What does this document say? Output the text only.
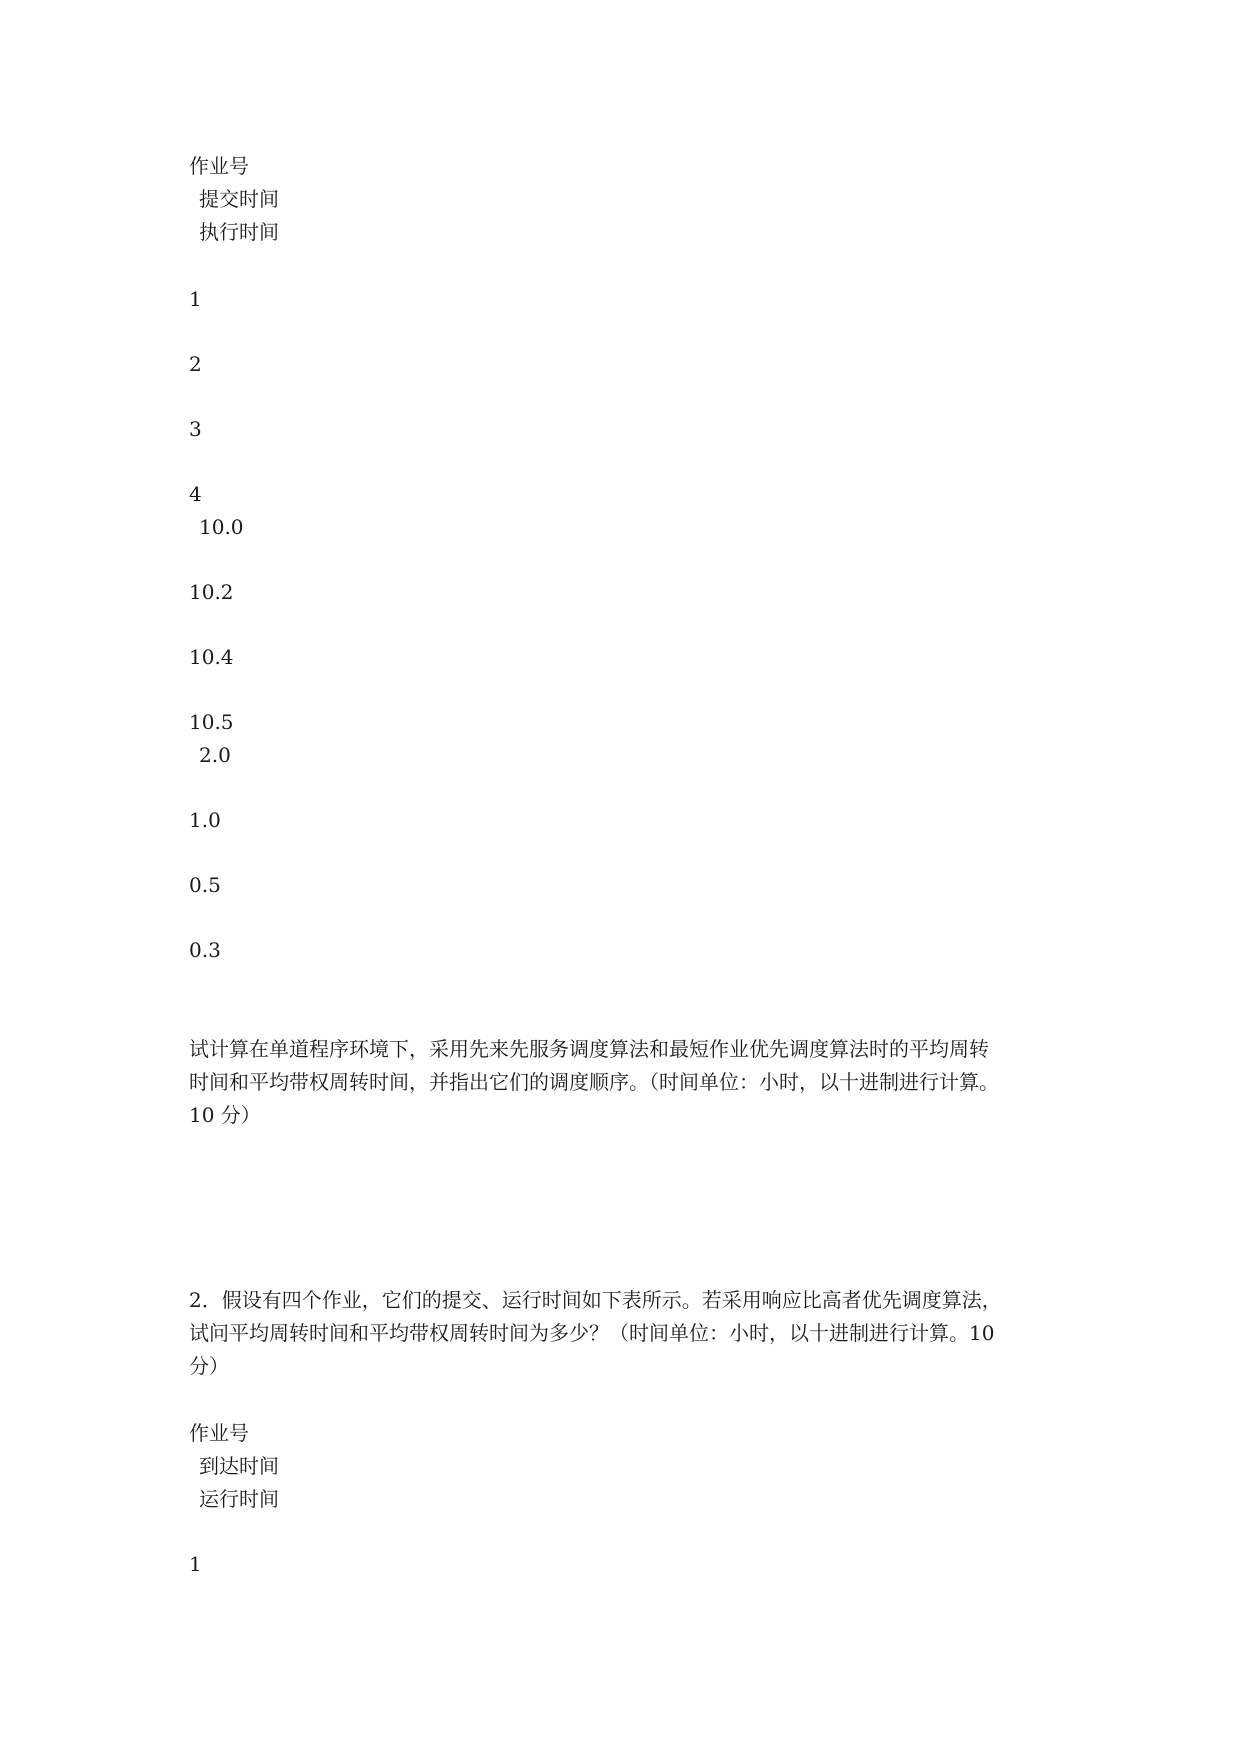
作业号
提交时间
执行时间
1
2
3
4
10.0
10.2
10.4
10.5
2.0
1.0
0.5
0.3
试计算在单道程序环境下，采用先来先服务调度算法和最短作业优先调度算法时的平均周转
时间和平均带权周转时间，并指出它们的调度顺序。（时间单位：小时，以十进制进行计算。
10 分）
2．假设有四个作业，它们的提交、运行时间如下表所示。若采用响应比高者优先调度算法，
试问平均周转时间和平均带权周转时间为多少？（时间单位：小时，以十进制进行计算。10
分）
作业号
到达时间
运行时间
1
